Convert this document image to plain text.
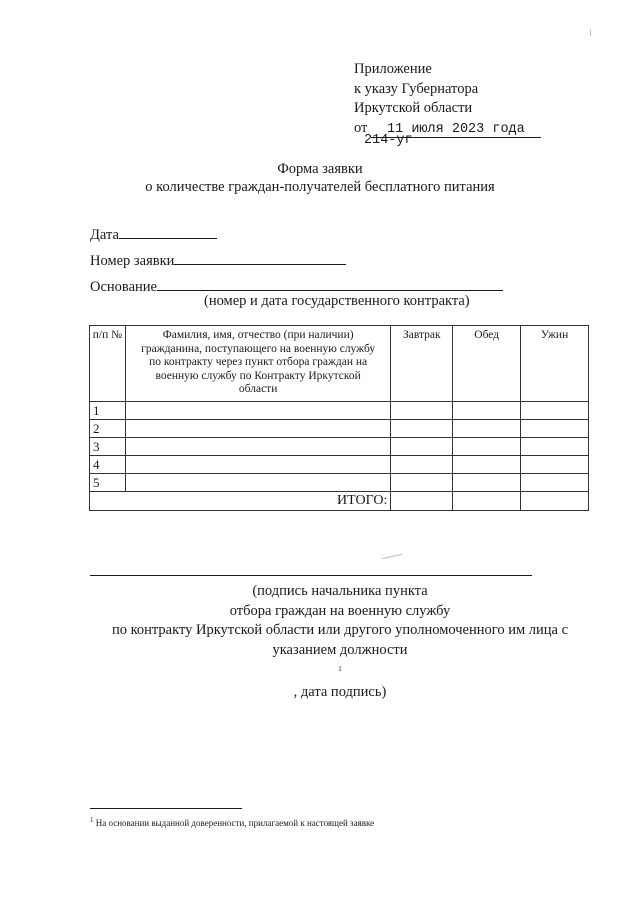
Приложение
к указу Губернатора
Иркутской области
от 11 июля 2023 года
214-уг
Форма заявки
о количестве граждан-получателей бесплатного питания
Дата
Номер заявки
Основание
(номер и дата государственного контракта)
п/п №	Фамилия, имя, отчество (при наличии) гражданина, поступающего на военную службу по контракту через пункт отбора граждан на военную службу по Контракту Иркутской области	Завтрак	Обед	Ужин
1				
2				
3				
4				
5				
ИТОГО:				
(подпись начальника пункта
отбора граждан на военную службу
по контракту Иркутской области или другого уполномоченного им лица с
указанием должности
$^1$
, дата подпись)
$^1$ На основании выданной доверенности, прилагаемой к настоящей заявке
